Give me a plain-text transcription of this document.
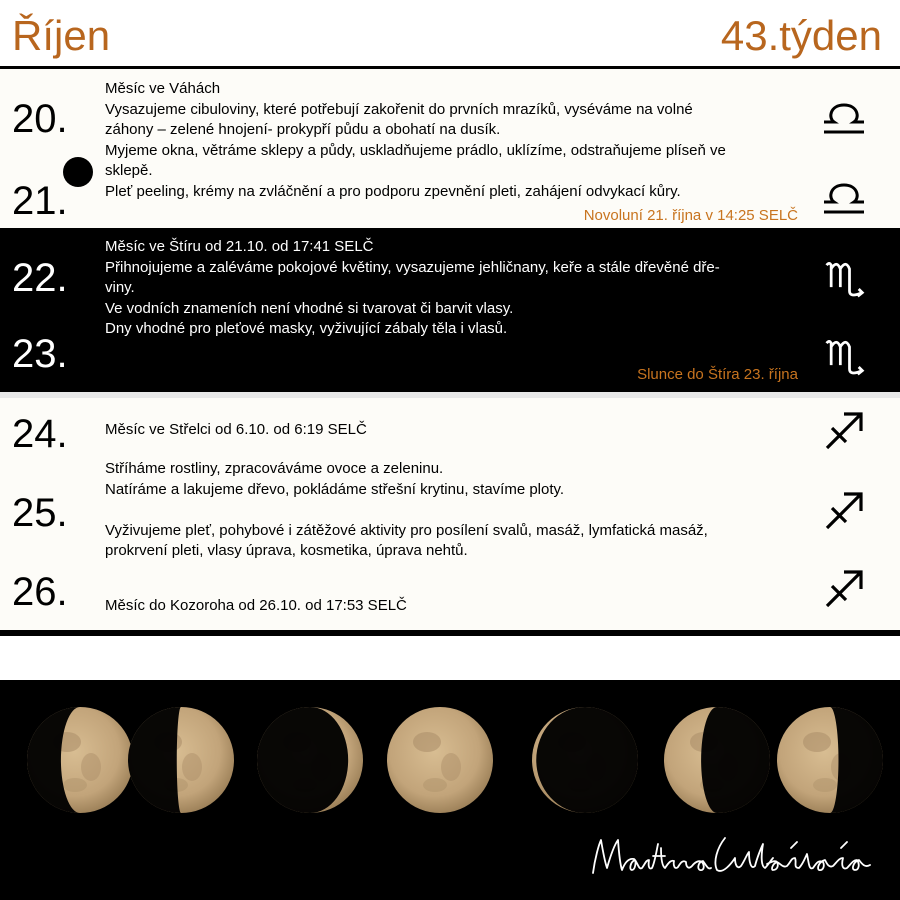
Říjen	43.týden
20.
21.
Měsíc ve Váhách
Vysazujeme cibuloviny, které potřebují zakořenit do prvních mrazíků, vyséváme na volné
záhony – zelené hnojení- prokypří půdu a obohatí na dusík.
Myjeme okna, větráme sklepy a půdy, uskladňujeme prádlo, uklízíme, odstraňujeme plíseň ve
sklepě.
Pleť peeling, krémy na zvláčnění a pro podporu zpevnění pleti, zahájení odvykací kůry.
Novoluní 21. října v 14:25 SELČ
22.
23.
Měsíc ve Štíru od 21.10. od 17:41 SELČ
Přihnojujeme a zaléváme pokojové květiny, vysazujeme jehličnany, keře a stále dřevěné dře-
viny.
Ve vodních znameních není vhodné si tvarovat či barvit vlasy.
Dny vhodné pro pleťové masky, vyživující zábaly těla i vlasů.
Slunce do Štíra 23. října
24.
25.
26.
Měsíc ve Střelci od 6.10. od 6:19 SELČ
Stříháme rostliny, zpracováváme ovoce a zeleninu.
Natíráme a lakujeme dřevo, pokládáme střešní krytinu, stavíme ploty.
Vyživujeme pleť, pohybové i zátěžové aktivity pro posílení svalů, masáž, lymfatická masáž,
prokrvení pleti, vlasy úprava, kosmetika, úprava nehtů.
Měsíc do Kozoroha od 26.10. od 17:53 SELČ
